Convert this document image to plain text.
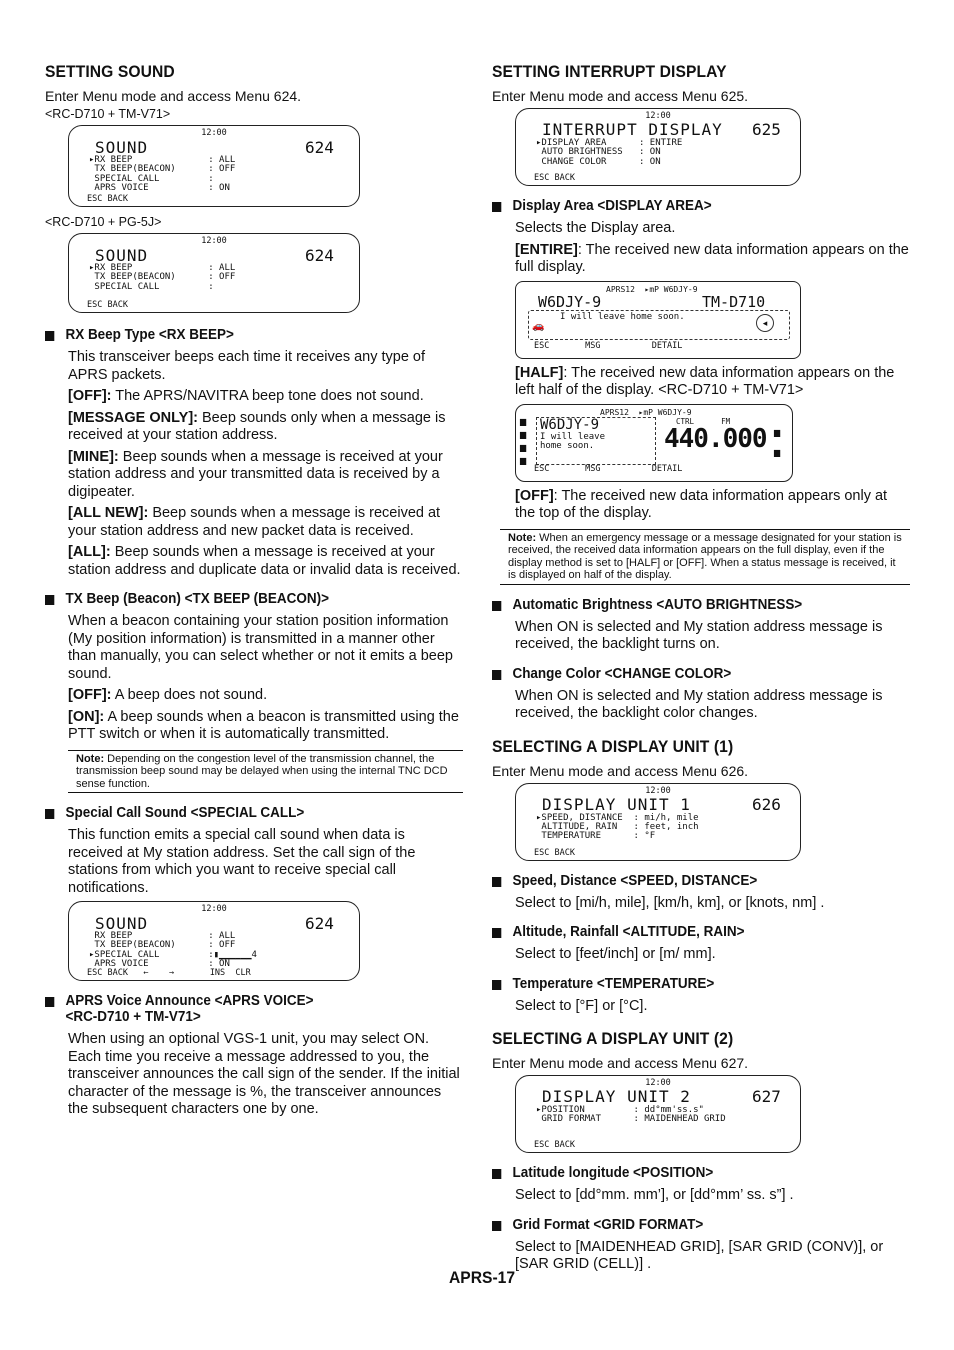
SETTING SOUND
Enter Menu mode and access Menu 624.
<RC-D710 + TM-V71>
12:00
SOUND	624
▸RX BEEP              : ALL
TX BEEP(BEACON)      : OFF
SPECIAL CALL         :
APRS VOICE           : ON
ESC BACK
<RC-D710 + PG-5J>
12:00
SOUND	624
▸RX BEEP              : ALL
TX BEEP(BEACON)      : OFF
SPECIAL CALL         :
ESC BACK
RX Beep Type <RX BEEP>

This transceiver beeps each time it receives any type of APRS packets.

[OFF]: The APRS/NAVITRA beep tone does not sound.

[MESSAGE ONLY]: Beep sounds only when a message is received at your station address.

[MINE]: Beep sounds when a message is received at your station address and your transmitted data is received by a digipeater.

[ALL NEW]: Beep sounds when a message is received at your station address and new packet data is received.

[ALL]: Beep sounds when a message is received at your station address and duplicate data or invalid data is received.

TX Beep (Beacon) <TX BEEP (BEACON)>

When a beacon containing your station position information (My position information) is transmitted in a manner other than manually, you can select whether or not it emits a beep sound.

[OFF]: A beep does not sound.

[ON]: A beep sounds when a beacon is transmitted using the PTT switch or when it is automatically transmitted.

Note: Depending on the congestion level of the transmission channel, the transmission beep sound may be delayed when using the internal TNC DCD sense function.
Special Call Sound <SPECIAL CALL>

This function emits a special call sound when data is received at My station address. Set the call sign of the stations from which you want to receive special call notifications.

12:00
SOUND	624
RX BEEP              : ALL
TX BEEP(BEACON)      : OFF
▸SPECIAL CALL         :▮▁▁▁▁▁▁4
APRS VOICE           : ON
ESC BACK   ←    →       INS  CLR
APRS Voice Announce <APRS VOICE>
<RC-D710 + TM-V71>

When using an optional VGS-1 unit, you may select ON. Each time you receive a message addressed to you, the transceiver announces the call sign of the sender. If the initial character of the message is %, the transceiver announces the subsequent characters one by one.

SETTING INTERRUPT DISPLAY
Enter Menu mode and access Menu 625.
12:00
INTERRUPT DISPLAY 625
▸DISPLAY AREA      : ENTIRE
AUTO BRIGHTNESS   : ON
CHANGE COLOR      : ON
ESC BACK
Display Area <DISPLAY AREA>

Selects the Display area.

[ENTIRE]: The received new data information appears on the full display.

APRS12  ▸mP W6DJY-9
W6DJY-9	TM-D710
I will leave home soon.
🚗	◂
ESC       MSG          DETAIL

[HALF]: The received new data information appears on the left half of the display. <RC-D710 + TM-V71>

APRS12  ▸mP W6DJY-9
▆
▆
▆
▆
W6DJY-9
I will leave home soon.
CTRL      FM
440.000 ▆
▆
ESC       MSG          DETAIL

[OFF]: The received new data information appears only at the top of the display.

Note: When an emergency message or a message designated for your station is received, the received data information appears on the full display, even if the display method is set to [HALF] or [OFF]. When a status message is received, it is displayed on half of the display.
Automatic Brightness <AUTO BRIGHTNESS>

When ON is selected and My station address message is received, the backlight turns on.

Change Color <CHANGE COLOR>

When ON is selected and My station address message is received, the backlight color changes.

SELECTING A DISPLAY UNIT (1)
Enter Menu mode and access Menu 626.
12:00
DISPLAY UNIT 1	626
▸SPEED, DISTANCE  : mi/h, mile
ALTITUDE, RAIN   : feet, inch
TEMPERATURE      : °F
ESC BACK
Speed, Distance <SPEED, DISTANCE>

Select to [mi/h, mile], [km/h, km], or [knots, nm] .

Altitude, Rainfall <ALTITUDE, RAIN>

Select to [feet/inch] or [m/ mm].

Temperature <TEMPERATURE>

Select to [°F] or [°C].

SELECTING A DISPLAY UNIT (2)
Enter Menu mode and access Menu 627.
12:00
DISPLAY UNIT 2	627
▸POSITION         : dd°mm'ss.s"
GRID FORMAT      : MAIDENHEAD GRID
ESC BACK
Latitude longitude <POSITION>

Select to [dd°mm. mm’], or [dd°mm’ ss. s”] .

Grid Format <GRID FORMAT>

Select to [MAIDENHEAD GRID], [SAR GRID (CONV)], or [SAR GRID (CELL)] .

APRS-17
